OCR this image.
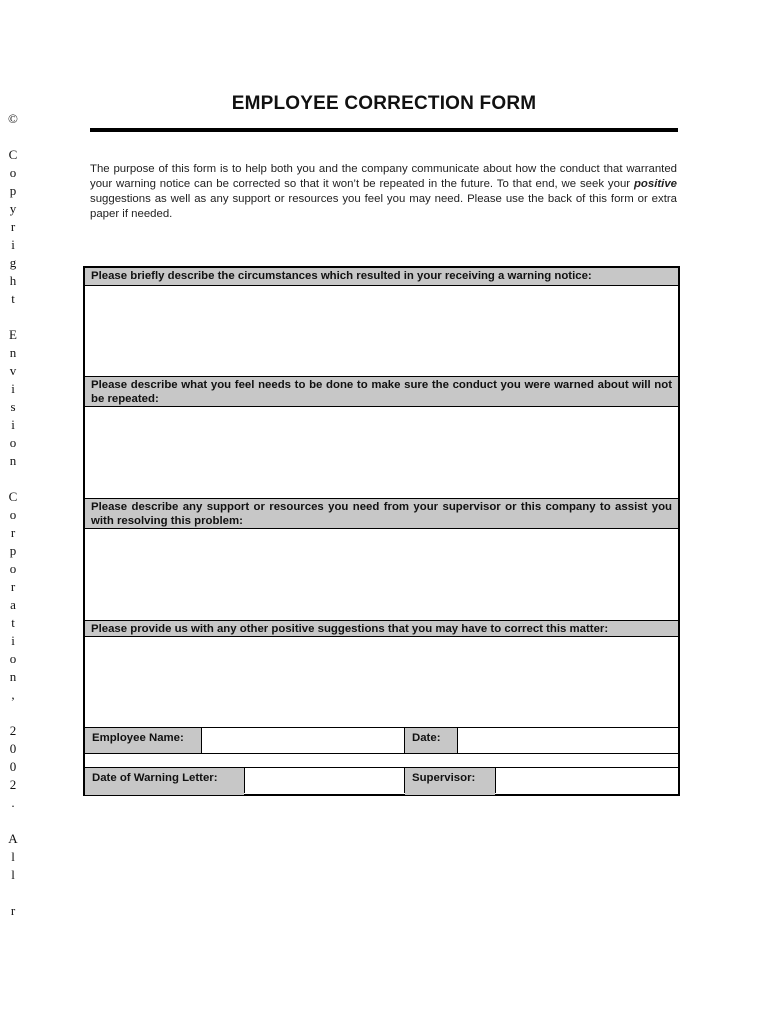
©

C
o
p
y
r
i
g
h
t

E
n
v
i
s
i
o
n

C
o
r
p
o
r
a
t
i
o
n
,

2
0
0
2
.

A
l
l

r
EMPLOYEE CORRECTION FORM
The purpose of this form is to help both you and the company communicate about how the conduct that warranted your warning notice can be corrected so that it won’t be repeated in the future. To that end, we seek your positive suggestions as well as any support or resources you feel you may need. Please use the back of this form or extra paper if needed.
Please briefly describe the circumstances which resulted in your receiving a warning notice:
Please describe what you feel needs to be done to make sure the conduct you were warned about will not be repeated:
Please describe any support or resources you need from your supervisor or this company to assist you with resolving this problem:
Please provide us with any other positive suggestions that you may have to correct this matter:
Employee Name:	Date:
Date of Warning Letter:	Supervisor:
